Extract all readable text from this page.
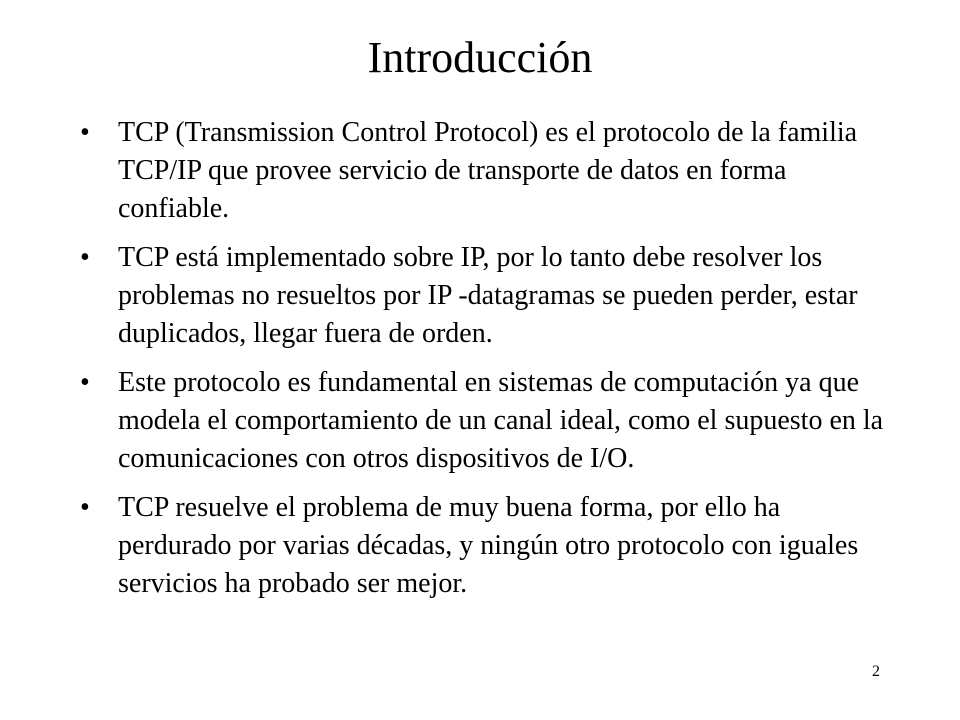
Introducción
•	TCP (Transmission Control Protocol) es el protocolo de la familia TCP/IP que provee servicio de transporte de datos en forma confiable.
•	TCP está implementado sobre IP, por lo tanto debe resolver los problemas no resueltos por IP -datagramas se pueden perder, estar duplicados, llegar fuera de orden.
•	Este protocolo es fundamental en sistemas de computación ya que modela el comportamiento de un canal ideal, como el supuesto en la comunicaciones con otros dispositivos de I/O.
•	TCP resuelve el problema de muy buena forma, por ello ha perdurado por varias décadas, y ningún otro protocolo con iguales servicios ha probado ser mejor.
2
